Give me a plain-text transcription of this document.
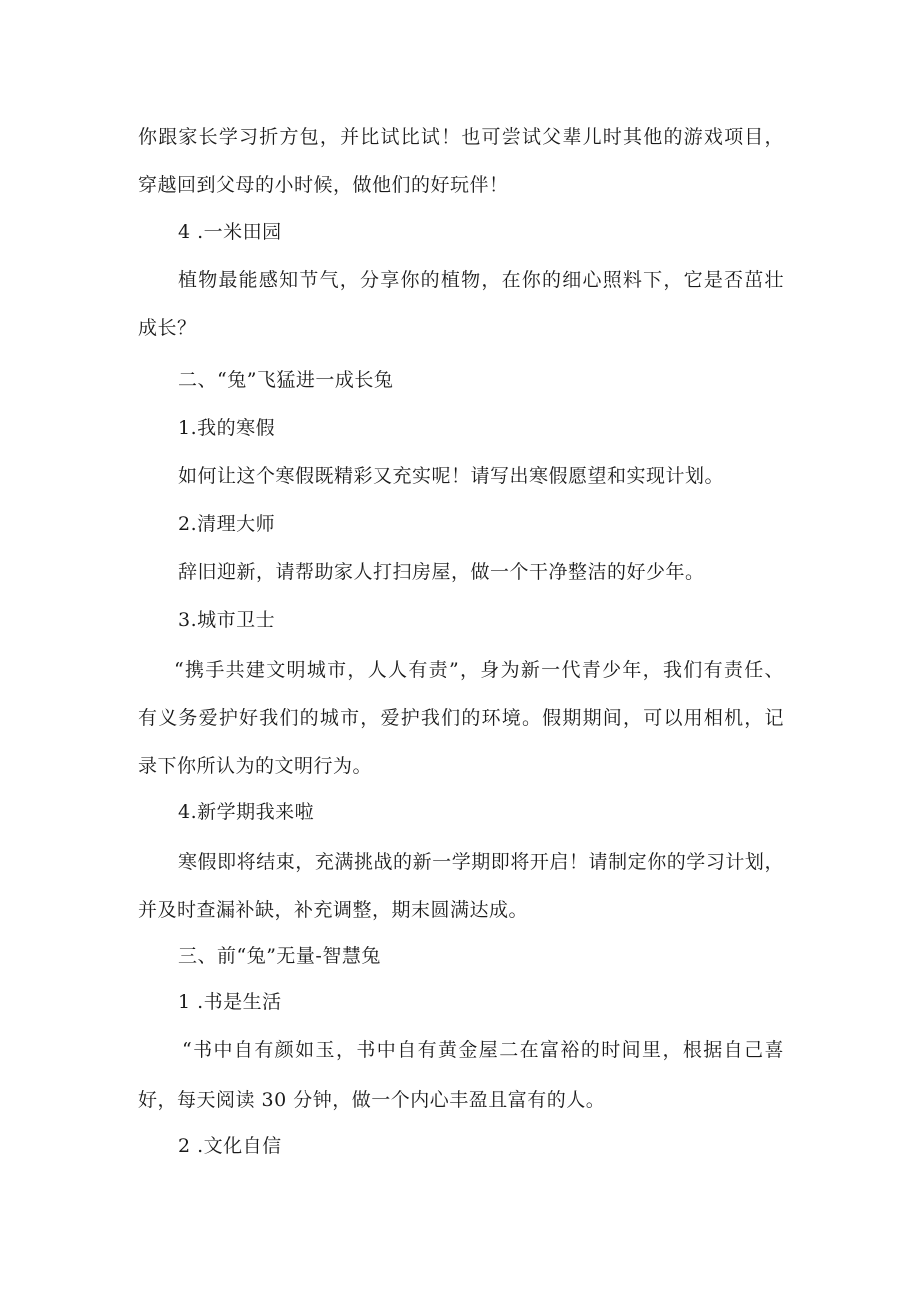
你跟家长学习折方包，并比试比试！也可尝试父辈儿时其他的游戏项目，
穿越回到父母的小时候，做他们的好玩伴！
4 .一米田园
植物最能感知节气，分享你的植物，在你的细心照料下，它是否茁壮
成长？
二、“兔”飞猛进一成长兔
1.我的寒假
如何让这个寒假既精彩又充实呢！请写出寒假愿望和实现计划。
2.清理大师
辞旧迎新，请帮助家人打扫房屋，做一个干净整洁的好少年。
3.城市卫士
“携手共建文明城市，人人有责”，身为新一代青少年，我们有责任、
有义务爱护好我们的城市，爱护我们的环境。假期期间，可以用相机，记
录下你所认为的文明行为。
4.新学期我来啦
寒假即将结束，充满挑战的新一学期即将开启！请制定你的学习计划，
并及时查漏补缺，补充调整，期末圆满达成。
三、前“兔”无量-智慧兔
1 .书是生活
“书中自有颜如玉，书中自有黄金屋二在富裕的时间里，根据自己喜
好，每天阅读 30 分钟，做一个内心丰盈且富有的人。
2 .文化自信
